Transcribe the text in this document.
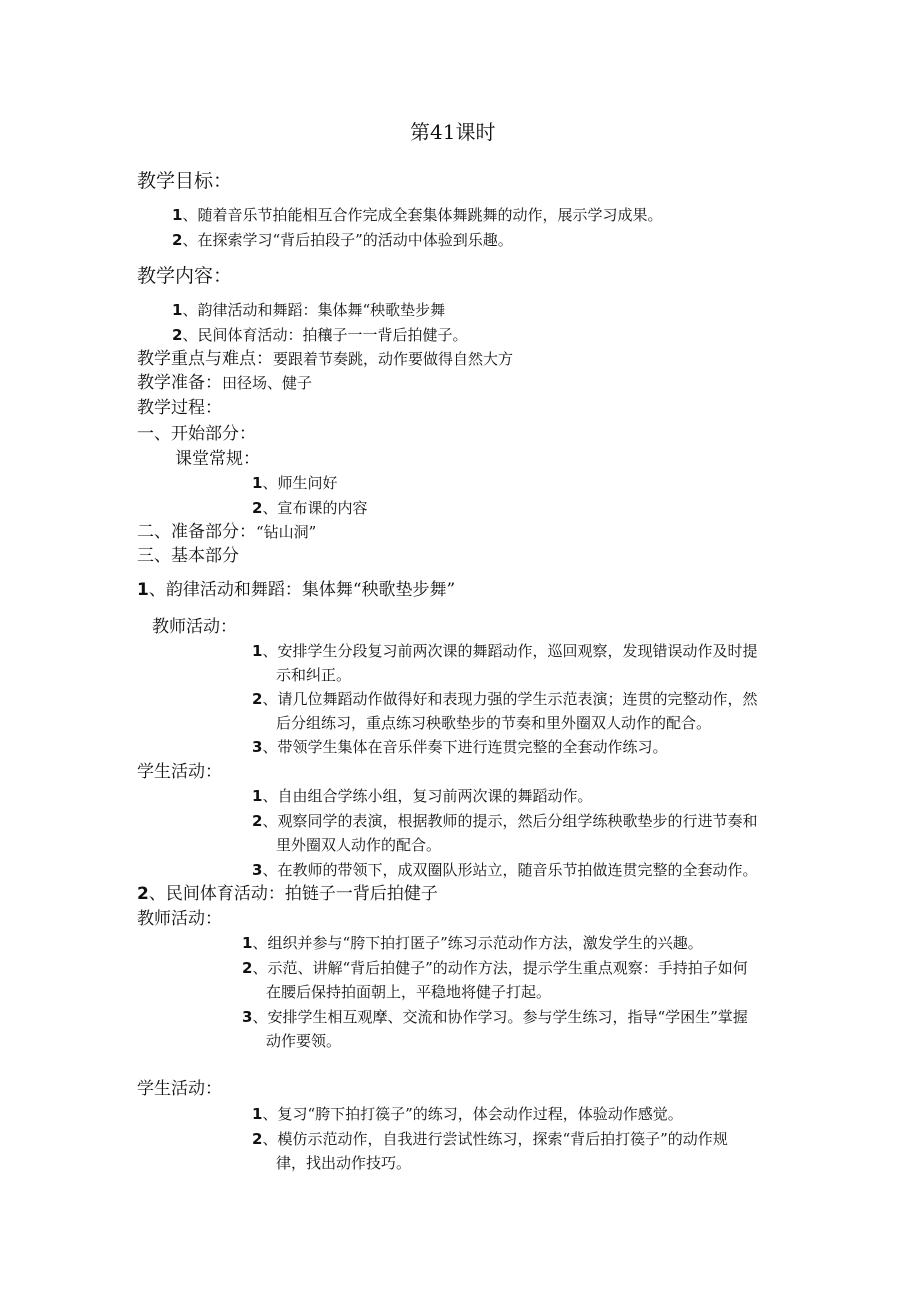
第41课时
教学目标：
1、随着音乐节拍能相互合作完成全套集体舞跳舞的动作，展示学习成果。
2、在探索学习“背后拍段子”的活动中体验到乐趣。
教学内容：
1、韵律活动和舞蹈：集体舞“秧歌垫步舞
2、民间体育活动：拍穰子一一背后拍健子。
教学重点与难点：要跟着节奏跳，动作要做得自然大方
教学准备：田径场、健子
教学过程：
一、开始部分：
课堂常规：
1、师生问好
2、宣布课的内容
二、准备部分：“钻山洞”
三、基本部分
1、韵律活动和舞蹈：集体舞“秧歌垫步舞”
教师活动：
1、安排学生分段复习前两次课的舞蹈动作，巡回观察，发现错误动作及时提
示和纠正。
2、请几位舞蹈动作做得好和表现力强的学生示范表演；连贯的完整动作，然
后分组练习，重点练习秧歌垫步的节奏和里外圈双人动作的配合。
3、带领学生集体在音乐伴奏下进行连贯完整的全套动作练习。
学生活动：
1、自由组合学练小组，复习前两次课的舞蹈动作。
2、观察同学的表演，根据教师的提示，然后分组学练秧歌垫步的行进节奏和
里外圈双人动作的配合。
3、在教师的带领下，成双圈队形站立，随音乐节拍做连贯完整的全套动作。
2、民间体育活动：拍链子一背后拍健子
教师活动：
1、组织并参与“胯下拍打匿子”练习示范动作方法，激发学生的兴趣。
2、示范、讲解“背后拍健子”的动作方法，提示学生重点观察：手持拍子如何
在腰后保持拍面朝上，平稳地将健子打起。
3、安排学生相互观摩、交流和协作学习。参与学生练习，指导“学困生”掌握
动作要领。
学生活动：
1、复习“胯下拍打篌子”的练习，体会动作过程，体验动作感觉。
2、模仿示范动作，自我进行尝试性练习，探索“背后拍打篌子”的动作规
律，找出动作技巧。
